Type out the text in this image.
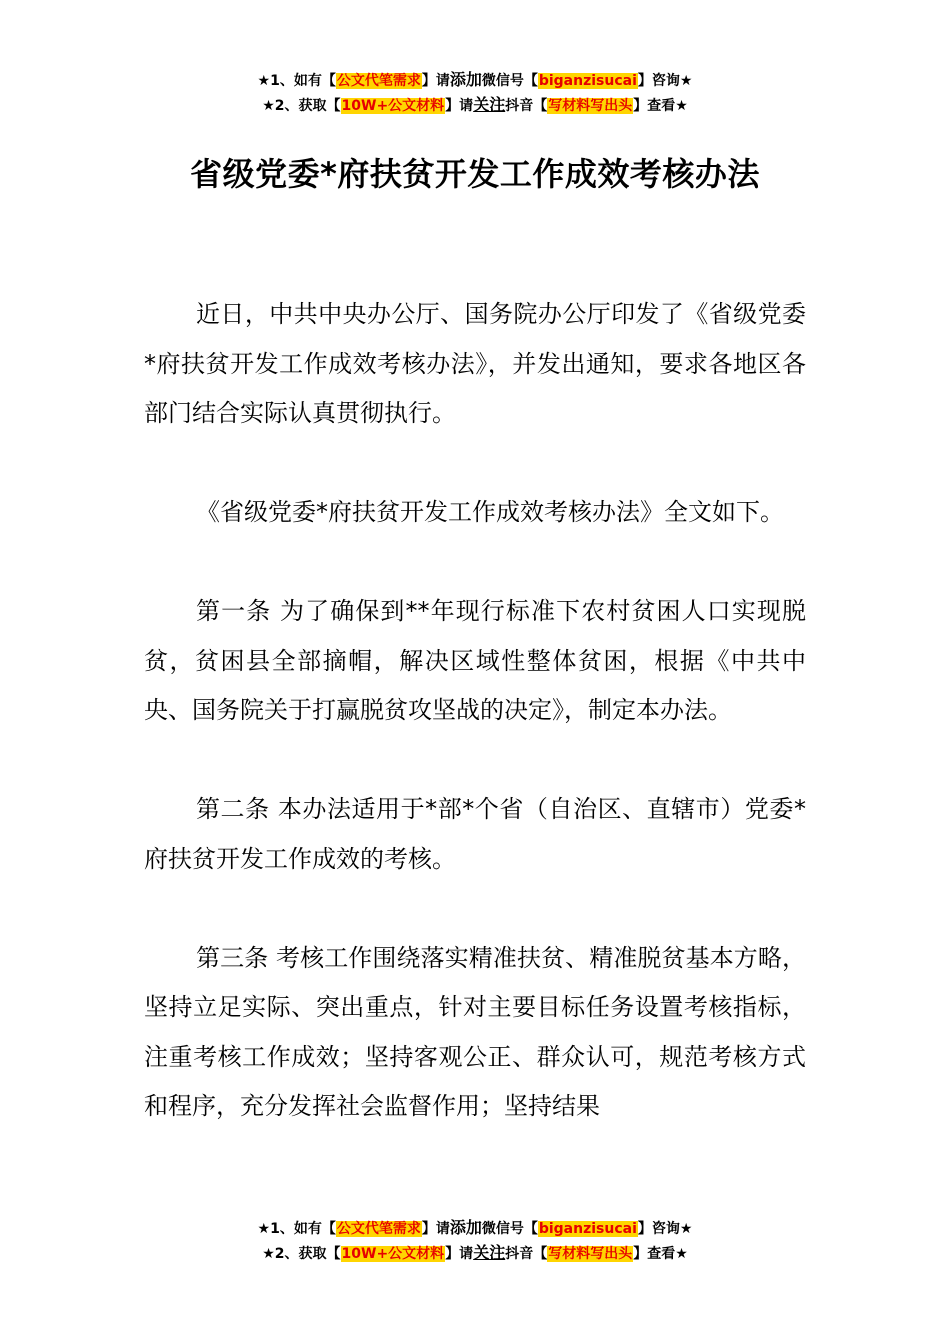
★1、如有【公文代笔需求】请添加微信号【biganzisucai】咨询★
★2、获取【10W+公文材料】请关注抖音【写材料写出头】查看★
省级党委*府扶贫开发工作成效考核办法

近日，中共中央办公厅、国务院办公厅印发了《省级党委*府扶贫开发工作成效考核办法》，并发出通知，要求各地区各部门结合实际认真贯彻执行。

《省级党委*府扶贫开发工作成效考核办法》全文如下。

第一条 为了确保到**年现行标准下农村贫困人口实现脱贫，贫困县全部摘帽，解决区域性整体贫困，根据《中共中央、国务院关于打赢脱贫攻坚战的决定》，制定本办法。

第二条 本办法适用于*部*个省（自治区、直辖市）党委*府扶贫开发工作成效的考核。

第三条 考核工作围绕落实精准扶贫、精准脱贫基本方略，坚持立足实际、突出重点，针对主要目标任务设置考核指标，注重考核工作成效；坚持客观公正、群众认可，规范考核方式和程序，充分发挥社会监督作用；坚持结果

★1、如有【公文代笔需求】请添加微信号【biganzisucai】咨询★
★2、获取【10W+公文材料】请关注抖音【写材料写出头】查看★
